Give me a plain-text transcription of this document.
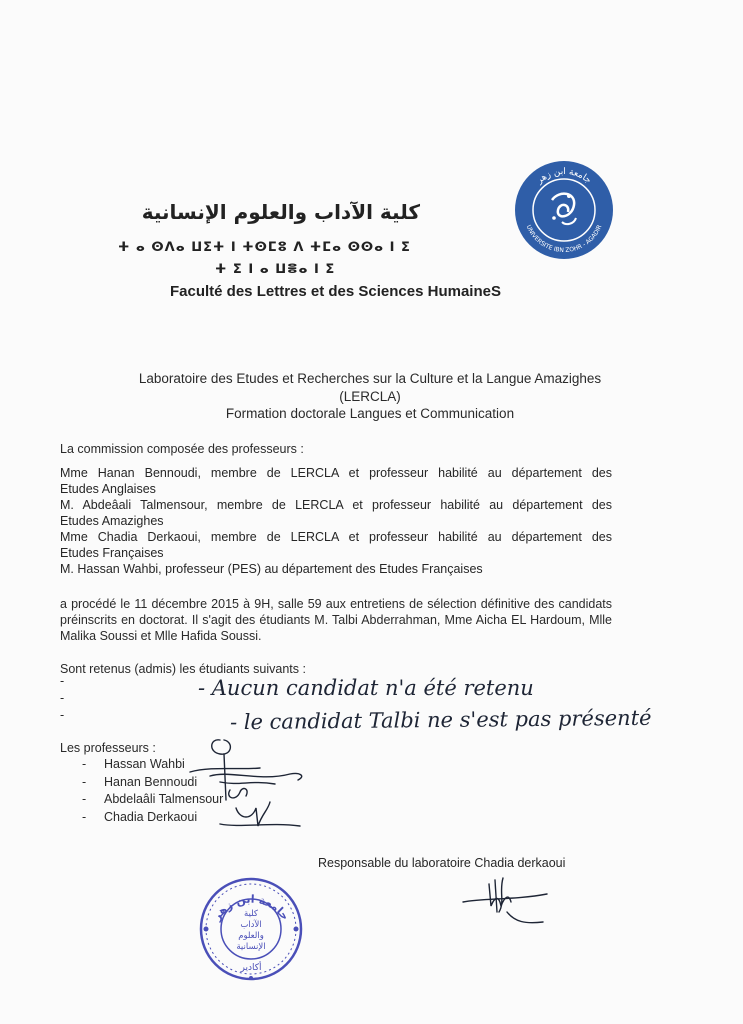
جامعة ابن زهر
UNIVERSITE IBN ZOHR - AGADIR
كلية الآداب والعلوم الإنسانية
ⵜ ⴰ ⵙⴷⴰ ⵡⵉⵜ ⵏ ⵜⵙⵎⵓ ⴷ ⵜⵎⴰ ⵙⵙⴰ ⵏ ⵉ
ⵜ ⵉ ⵏ ⴰ ⵡⴻⴰ ⵏ ⵉ
Faculté des Lettres et des Sciences HumaineS
Laboratoire des Etudes et Recherches sur la Culture et la Langue Amazighes
(LERCLA)
Formation doctorale Langues et Communication
La commission composée des professeurs :
Mme Hanan Bennoudi, membre de LERCLA et professeur habilité au département des
Etudes Anglaises
M. Abdeâali Talmensour, membre de LERCLA et professeur habilité au département des
Etudes Amazighes
Mme Chadia Derkaoui, membre de LERCLA et professeur habilité au département des
Etudes Françaises
M. Hassan Wahbi, professeur (PES) au département des Etudes Françaises
a procédé le 11 décembre 2015 à 9H, salle 59 aux entretiens de sélection définitive des candidats préinscrits en doctorat. Il s'agit des étudiants M. Talbi Abderrahman, Mme Aicha EL Hardoum, Mlle Malika Soussi et Mlle Hafida Soussi.
Sont retenus (admis) les étudiants suivants :
-
-
-
- Aucun candidat n'a été retenu
- le candidat Talbi ne s'est pas présenté
Les professeurs :
- Hassan Wahbi
- Hanan Bennoudi
- Abdelaâli Talmensour
- Chadia Derkaoui
Responsable du laboratoire Chadia derkaoui
جامعة ابن زهر
كلية
الآداب
والعلوم
الإنسانية
أكادير
